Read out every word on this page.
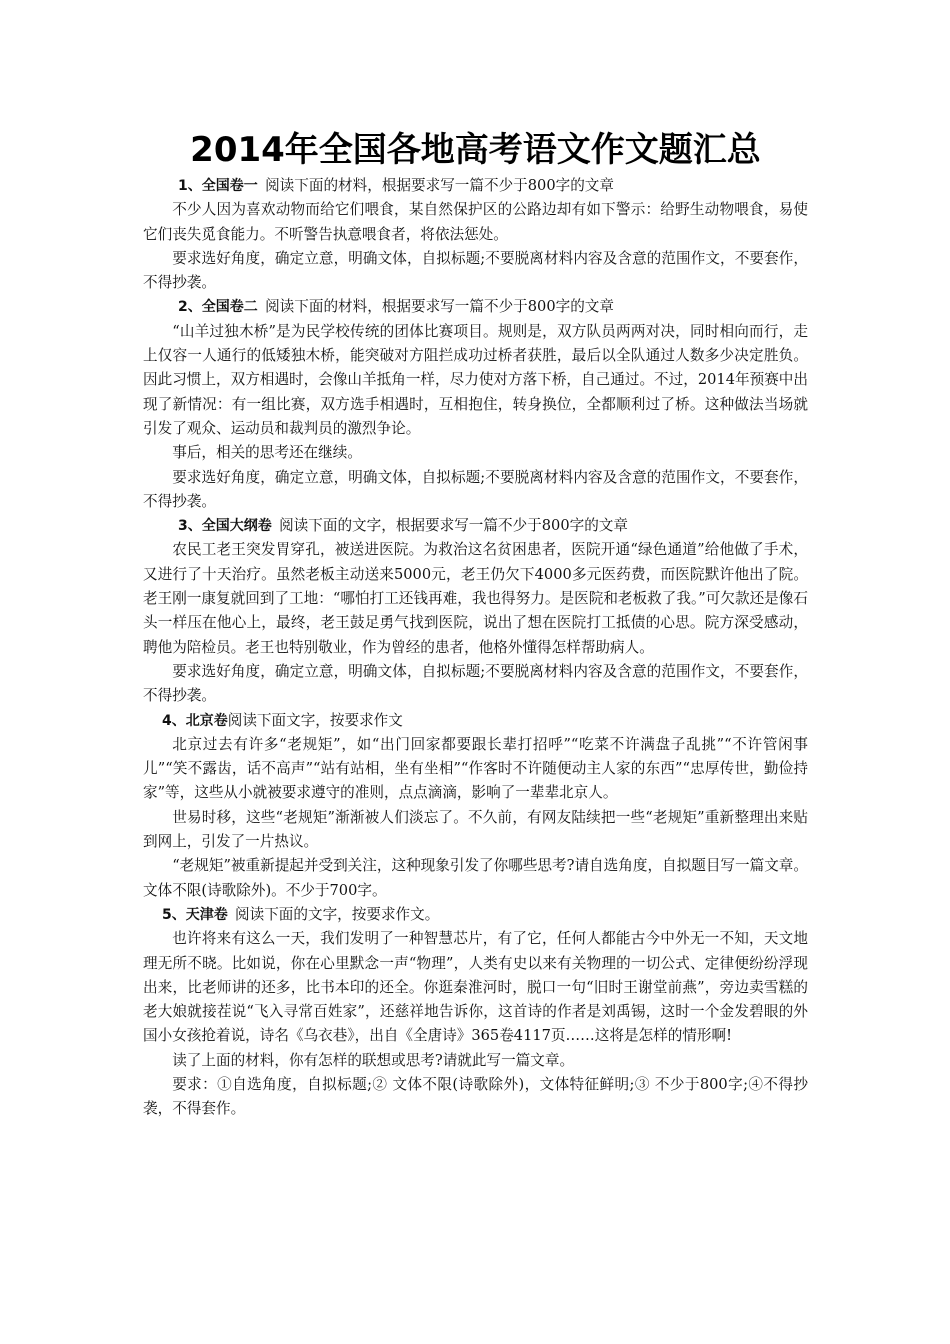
2014年全国各地高考语文作文题汇总

1、全国卷一 阅读下面的材料，根据要求写一篇不少于800字的文章

不少人因为喜欢动物而给它们喂食，某自然保护区的公路边却有如下警示：给野生动物喂食，易使它们丧失觅食能力。不听警告执意喂食者，将依法惩处。

要求选好角度，确定立意，明确文体，自拟标题;不要脱离材料内容及含意的范围作文，不要套作，不得抄袭。

2、全国卷二 阅读下面的材料，根据要求写一篇不少于800字的文章

“山羊过独木桥”是为民学校传统的团体比赛项目。规则是，双方队员两两对决，同时相向而行，走上仅容一人通行的低矮独木桥，能突破对方阻拦成功过桥者获胜，最后以全队通过人数多少决定胜负。因此习惯上，双方相遇时，会像山羊抵角一样，尽力使对方落下桥，自己通过。不过，2014年预赛中出现了新情况：有一组比赛，双方选手相遇时，互相抱住，转身换位，全都顺利过了桥。这种做法当场就引发了观众、运动员和裁判员的激烈争论。

事后，相关的思考还在继续。

要求选好角度，确定立意，明确文体，自拟标题;不要脱离材料内容及含意的范围作文，不要套作，不得抄袭。

3、全国大纲卷 阅读下面的文字，根据要求写一篇不少于800字的文章

农民工老王突发胃穿孔，被送进医院。为救治这名贫困患者，医院开通“绿色通道”给他做了手术，又进行了十天治疗。虽然老板主动送来5000元，老王仍欠下4000多元医药费，而医院默许他出了院。老王刚一康复就回到了工地：“哪怕打工还钱再难，我也得努力。是医院和老板救了我。”可欠款还是像石头一样压在他心上，最终，老王鼓足勇气找到医院，说出了想在医院打工抵债的心思。院方深受感动，聘他为陪检员。老王也特别敬业，作为曾经的患者，他格外懂得怎样帮助病人。

要求选好角度，确定立意，明确文体，自拟标题;不要脱离材料内容及含意的范围作文，不要套作，不得抄袭。

4、北京卷阅读下面文字，按要求作文

北京过去有许多“老规矩”，如“出门回家都要跟长辈打招呼”“吃菜不许满盘子乱挑”“不许管闲事儿”“笑不露齿，话不高声”“站有站相，坐有坐相”“作客时不许随便动主人家的东西”“忠厚传世，勤俭持家”等，这些从小就被要求遵守的准则，点点滴滴，影响了一辈辈北京人。

世易时移，这些“老规矩”渐渐被人们淡忘了。不久前，有网友陆续把一些“老规矩”重新整理出来贴到网上，引发了一片热议。

“老规矩”被重新提起并受到关注，这种现象引发了你哪些思考?请自选角度，自拟题目写一篇文章。文体不限(诗歌除外)。不少于700字。

5、天津卷 阅读下面的文字，按要求作文。

也许将来有这么一天，我们发明了一种智慧芯片，有了它，任何人都能古今中外无一不知，天文地理无所不晓。比如说，你在心里默念一声“物理”，人类有史以来有关物理的一切公式、定律便纷纷浮现出来，比老师讲的还多，比书本印的还全。你逛秦淮河时，脱口一句“旧时王谢堂前燕”，旁边卖雪糕的老大娘就接茬说“飞入寻常百姓家”，还慈祥地告诉你，这首诗的作者是刘禹锡，这时一个金发碧眼的外国小女孩抢着说，诗名《乌衣巷》，出自《全唐诗》365卷4117页……这将是怎样的情形啊!

读了上面的材料，你有怎样的联想或思考?请就此写一篇文章。

要求：①自选角度，自拟标题;② 文体不限(诗歌除外)，文体特征鲜明;③ 不少于800字;④不得抄袭，不得套作。
